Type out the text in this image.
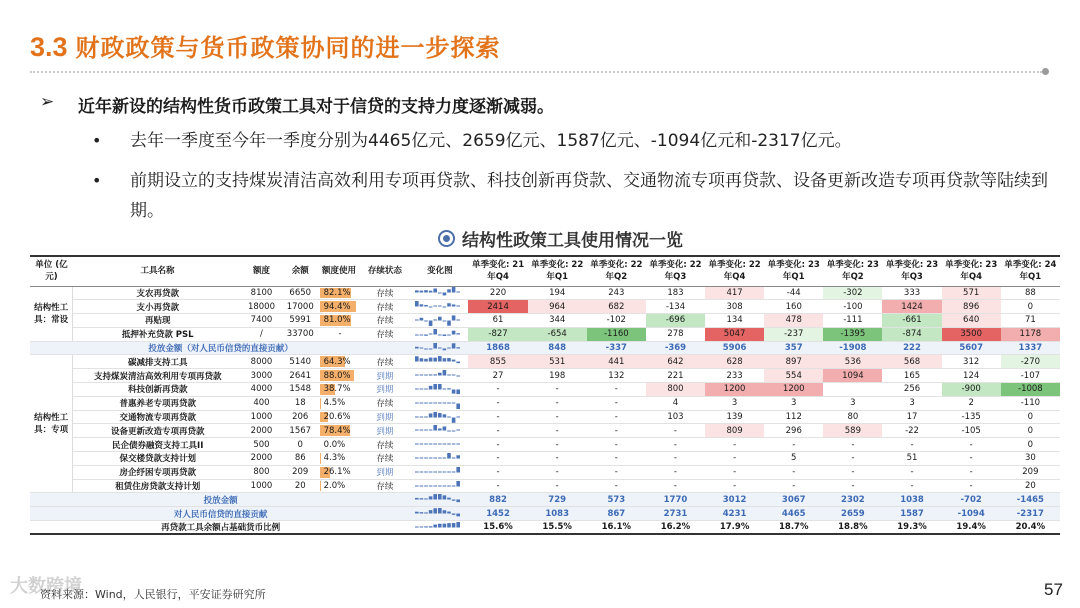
3.3 财政政策与货币政策协同的进一步探索
➢	近年新设的结构性货币政策工具对于信贷的支持力度逐渐减弱。
•	去年一季度至今年一季度分别为4465亿元、2659亿元、1587亿元、-1094亿元和-2317亿元。
•	前期设立的支持煤炭清洁高效利用专项再贷款、科技创新再贷款、交通物流专项再贷款、设备更新改造专项再贷款等陆续到期。
结构性政策工具使用情况一览
单位 (亿元)	工具名称	额度	余额	额度使用	存续状态	变化图	单季变化: 21年Q4	单季变化: 22年Q1	单季变化: 22年Q2	单季变化: 22年Q3	单季变化: 22年Q4	单季变化: 23年Q1	单季变化: 23年Q2	单季变化: 23年Q3	单季变化: 23年Q4	单季变化: 24年Q1
结构性工具：常设	支农再贷款	8100	6650	82.1%	存续		220	194	243	183	417	-44	-302	333	571	88
	支小再贷款	18000	17000	94.4%	存续		2414	964	682	-134	308	160	-100	1424	896	0
	再贴现	7400	5991	81.0%	存续		61	344	-102	-696	134	478	-111	-661	640	71
	抵押补充贷款 PSL	/	33700	-	存续		-827	-654	-1160	278	5047	-237	-1395	-874	3500	1178
投放金额（对人民币信贷的直接贡献）							1868	848	-337	-369	5906	357	-1908	222	5607	1337
结构性工具：专项	碳减排支持工具	8000	5140	64.3%	存续		855	531	441	642	628	897	536	568	312	-270
	支持煤炭清洁高效利用专项再贷款	3000	2641	88.0%	到期		27	198	132	221	233	554	1094	165	124	-107
	科技创新再贷款	4000	1548	38.7%	到期		-	-	-	800	1200	1200		256	-900	-1008
	普惠养老专项再贷款	400	18	4.5%	存续		-	-	-	4	3	3	3	3	2	-110
	交通物流专项再贷款	1000	206	20.6%	到期		-	-	-	103	139	112	80	17	-135	0
	设备更新改造专项再贷款	2000	1567	78.4%	到期		-	-	-	-	809	296	589	-22	-105	0
	民企债券融资支持工具II	500	0	0.0%	存续		-	-	-	-	-	-	-	-	-	0
	保交楼贷款支持计划	2000	86	4.3%	存续		-	-	-	-	-	5	-	51	-	30
	房企纾困专项再贷款	800	209	26.1%	到期		-	-	-	-	-	-	-	-	-	209
	租赁住房贷款支持计划	1000	20	2.0%	存续		-	-	-	-	-	-	-	-	-	20
投放金额							882	729	573	1770	3012	3067	2302	1038	-702	-1465
对人民币信贷的直接贡献							1452	1083	867	2731	4231	4465	2659	1587	-1094	-2317
再贷款工具余额占基础货币比例							15.6%	15.5%	16.1%	16.2%	17.9%	18.7%	18.8%	19.3%	19.4%	20.4%
大数跨境
资料来源：Wind，人民银行，平安证券研究所	57
